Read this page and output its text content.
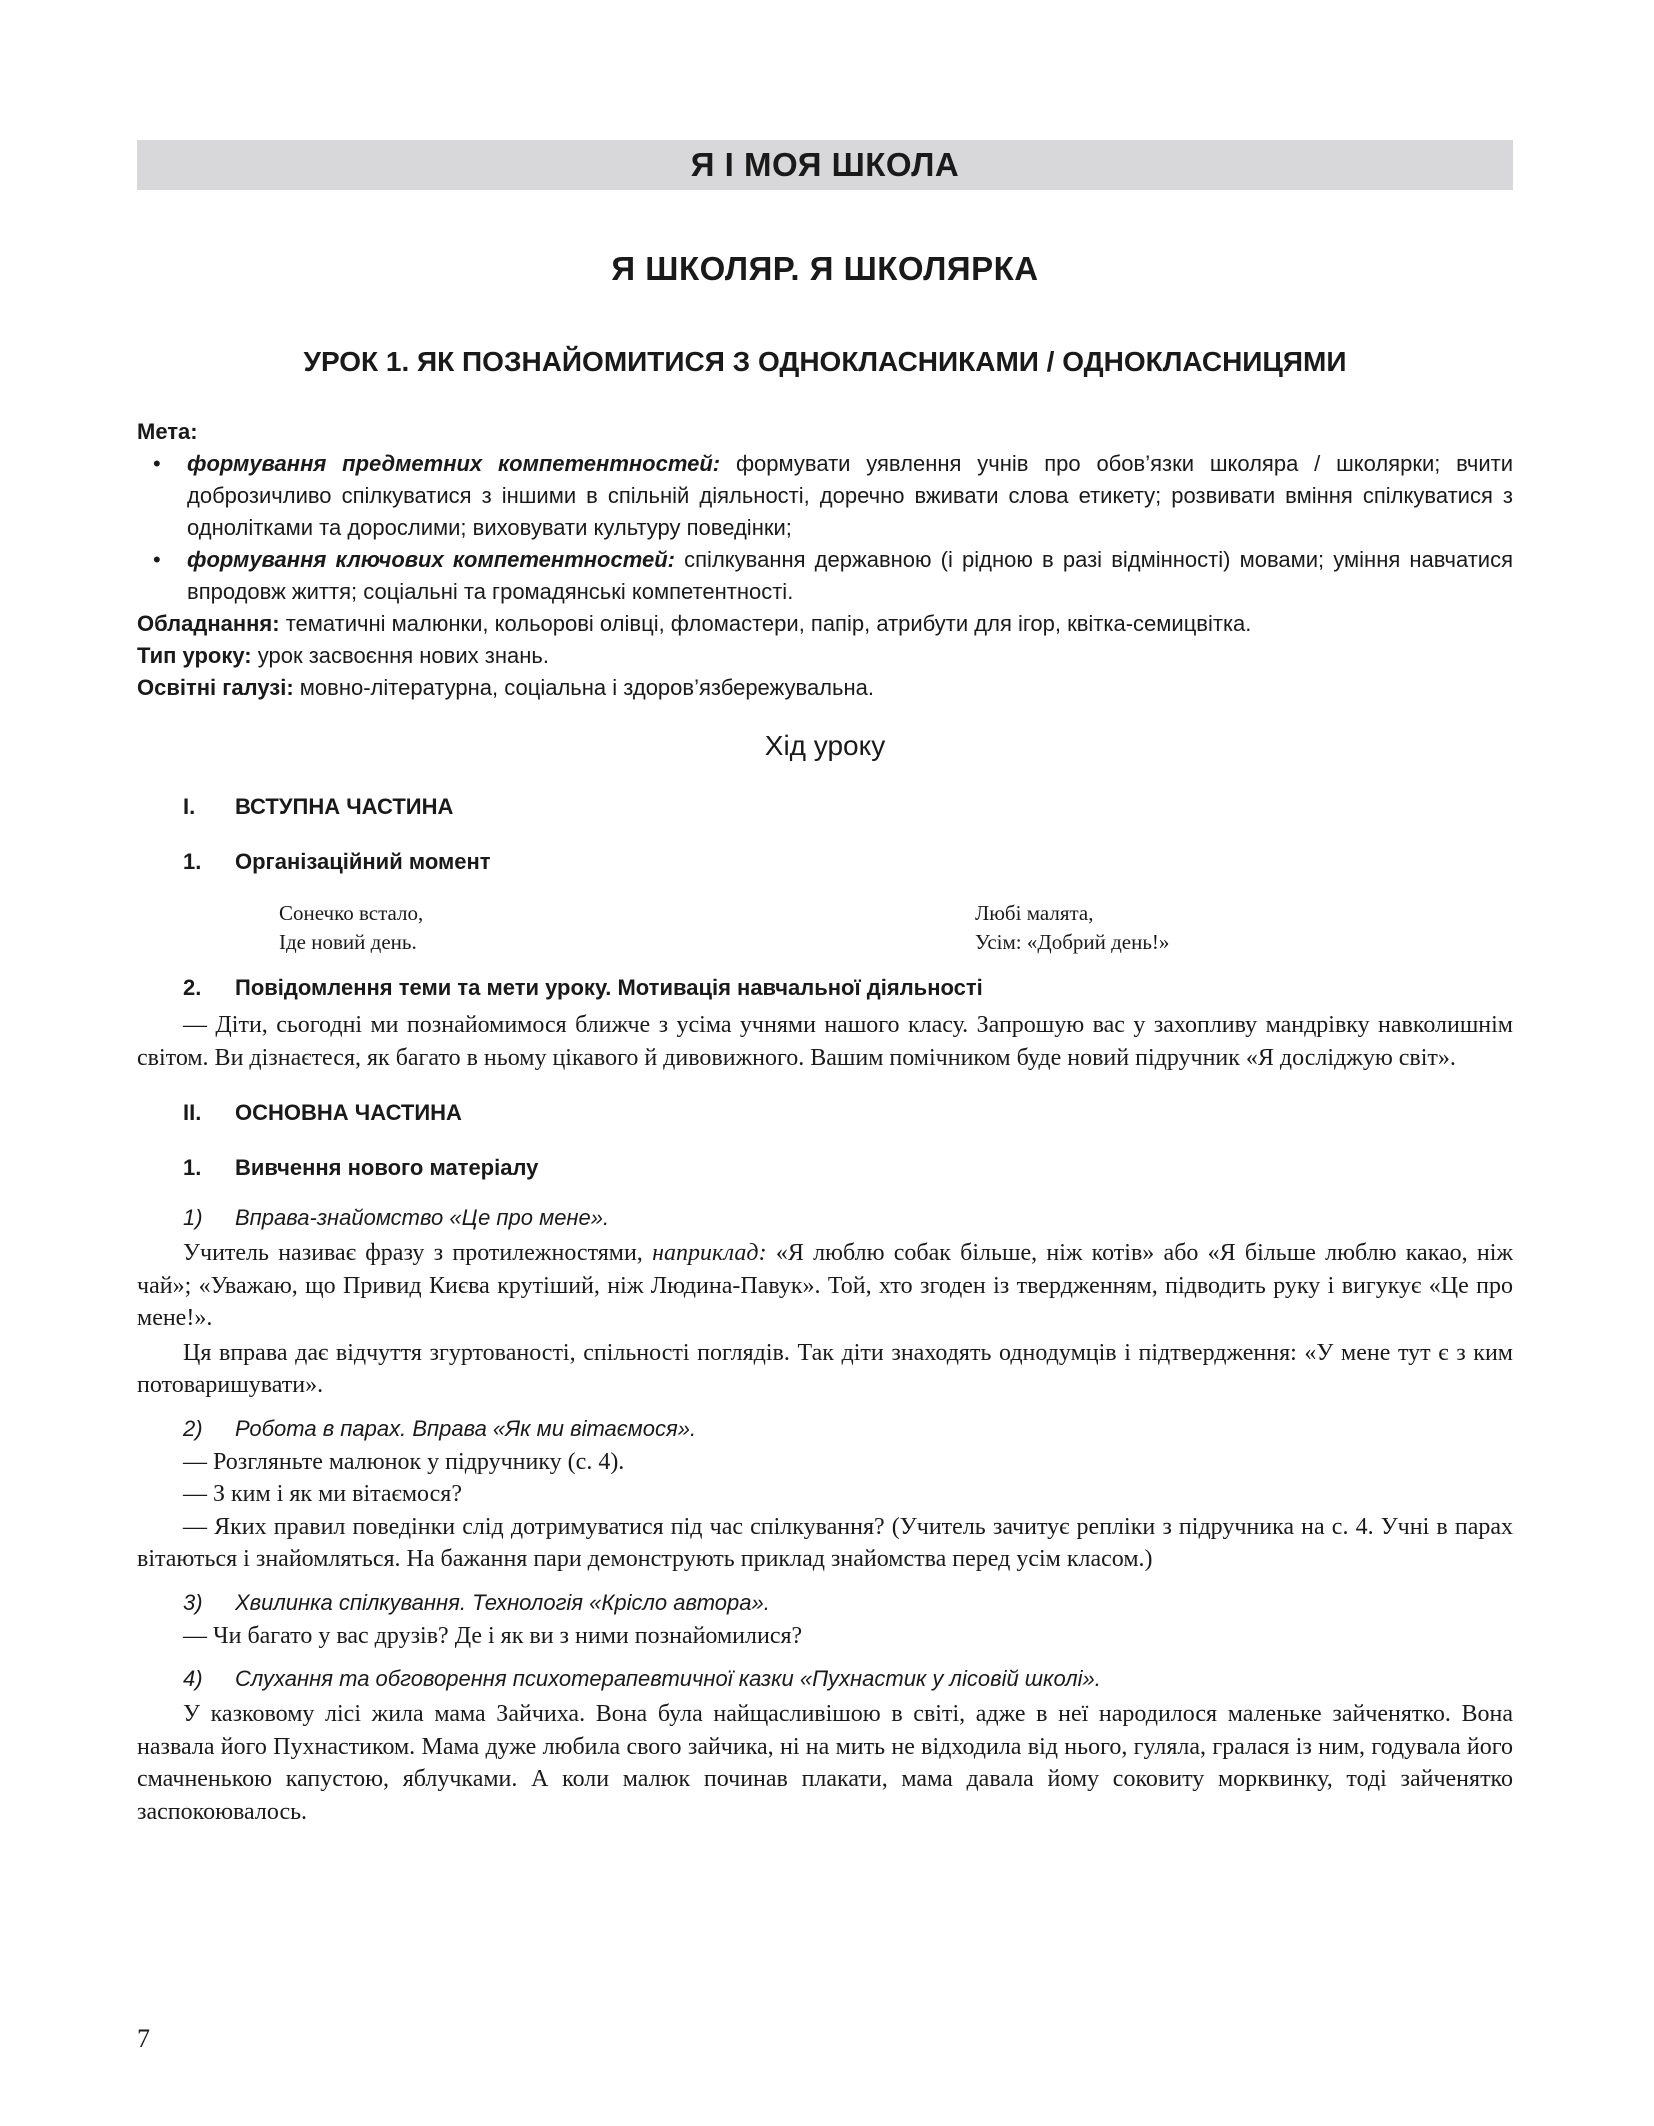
Я І МОЯ ШКОЛА
Я ШКОЛЯР. Я ШКОЛЯРКА
УРОК 1. ЯК ПОЗНАЙОМИТИСЯ З ОДНОКЛАСНИКАМИ / ОДНОКЛАСНИЦЯМИ
Мета:
• формування предметних компетентностей: формувати уявлення учнів про обов’язки школяра / школярки; вчити доброзичливо спілкуватися з іншими в спільній діяльності, доречно вживати слова етикету; розвивати вміння спілкуватися з однолітками та дорослими; виховувати культуру поведінки;
• формування ключових компетентностей: спілкування державною (і рідною в разі відмінності) мовами; уміння навчатися впродовж життя; соціальні та громадянські компетентності.
Обладнання: тематичні малюнки, кольорові олівці, фломастери, папір, атрибути для ігор, квітка-семицвітка.
Тип уроку: урок засвоєння нових знань.
Освітні галузі: мовно-літературна, соціальна і здоров’язбережувальна.
Хід уроку
I.	ВСТУПНА ЧАСТИНА
1.	Організаційний момент
Сонечко встало,
Іде новий день.
Любі малята,
Усім: «Добрий день!»
2.	Повідомлення теми та мети уроку. Мотивація навчальної діяльності
— Діти, сьогодні ми познайомимося ближче з усіма учнями нашого класу. Запрошую вас у захопливу мандрівку навколишнім світом. Ви дізнаєтеся, як багато в ньому цікавого й дивовижного. Вашим помічником буде новий підручник «Я досліджую світ».
II.	ОСНОВНА ЧАСТИНА
1.	Вивчення нового матеріалу
1)	Вправа-знайомство «Це про мене».
Учитель називає фразу з протилежностями, наприклад: «Я люблю собак більше, ніж котів» або «Я більше люблю какао, ніж чай»; «Уважаю, що Привид Києва крутіший, ніж Людина-Павук». Той, хто згоден із твердженням, підводить руку і вигукує «Це про мене!».
Ця вправа дає відчуття згуртованості, спільності поглядів. Так діти знаходять однодумців і підтвердження: «У мене тут є з ким потоваришувати».
2)	Робота в парах. Вправа «Як ми вітаємося».
— Розгляньте малюнок у підручнику (с. 4).
— З ким і як ми вітаємося?
— Яких правил поведінки слід дотримуватися під час спілкування? (Учитель зачитує репліки з підручника на с. 4. Учні в парах вітаються і знайомляться. На бажання пари демонструють приклад знайомства перед усім класом.)
3)	Хвилинка спілкування. Технологія «Крісло автора».
— Чи багато у вас друзів? Де і як ви з ними познайомилися?
4)	Слухання та обговорення психотерапевтичної казки «Пухнастик у лісовій школі».
У казковому лісі жила мама Зайчиха. Вона була найщасливішою в світі, адже в неї народилося маленьке зайченятко. Вона назвала його Пухнастиком. Мама дуже любила свого зайчика, ні на мить не відходила від нього, гуляла, гралася із ним, годувала його смачненькою капустою, яблучками. А коли малюк починав плакати, мама давала йому соковиту морквинку, тоді зайченятко заспокоювалось.
7
